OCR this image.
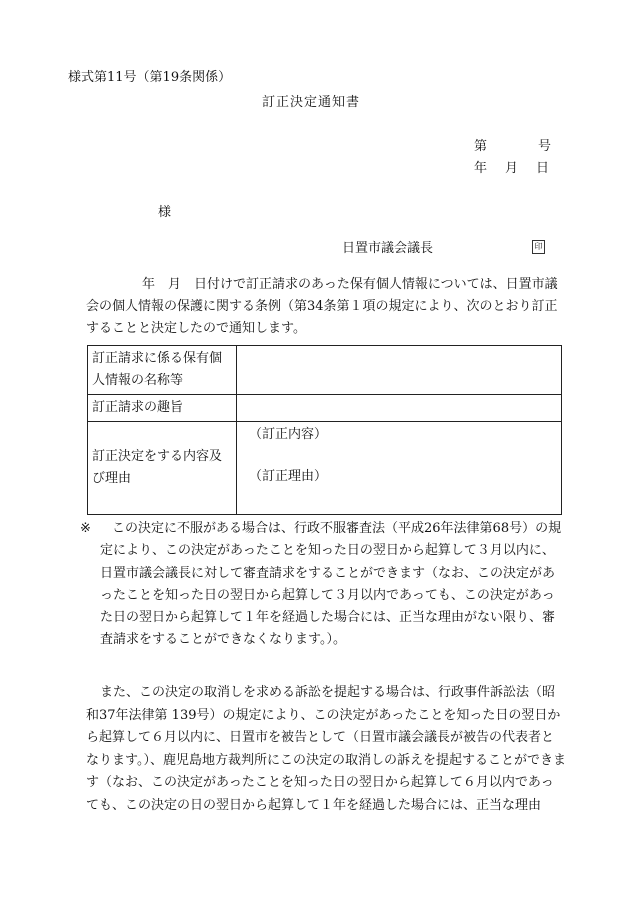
様式第11号（第19条関係）
訂正決定通知書
第	号
年 月 日
様
日置市議会議長	印
年　月　日付けで訂正請求のあった保有個人情報については、日置市議会の個人情報の保護に関する条例（第34条第１項の規定により、次のとおり訂正することと決定したので通知します。
訂正請求に係る保有個人情報の名称等	
訂正請求の趣旨	
訂正決定をする内容及び理由	（訂正内容）
（訂正理由）
※	この決定に不服がある場合は、行政不服審査法（平成26年法律第68号）の規定により、この決定があったことを知った日の翌日から起算して３月以内に、日置市議会議長に対して審査請求をすることができます（なお、この決定があったことを知った日の翌日から起算して３月以内であっても、この決定があった日の翌日から起算して１年を経過した場合には、正当な理由がない限り、審査請求をすることができなくなります。）。
また、この決定の取消しを求める訴訟を提起する場合は、行政事件訴訟法（昭和37年法律第 139号）の規定により、この決定があったことを知った日の翌日から起算して６月以内に、日置市を被告として（日置市議会議長が被告の代表者となります。）、鹿児島地方裁判所にこの決定の取消しの訴えを提起することができます（なお、この決定があったことを知った日の翌日から起算して６月以内であっても、この決定の日の翌日から起算して１年を経過した場合には、正当な理由
